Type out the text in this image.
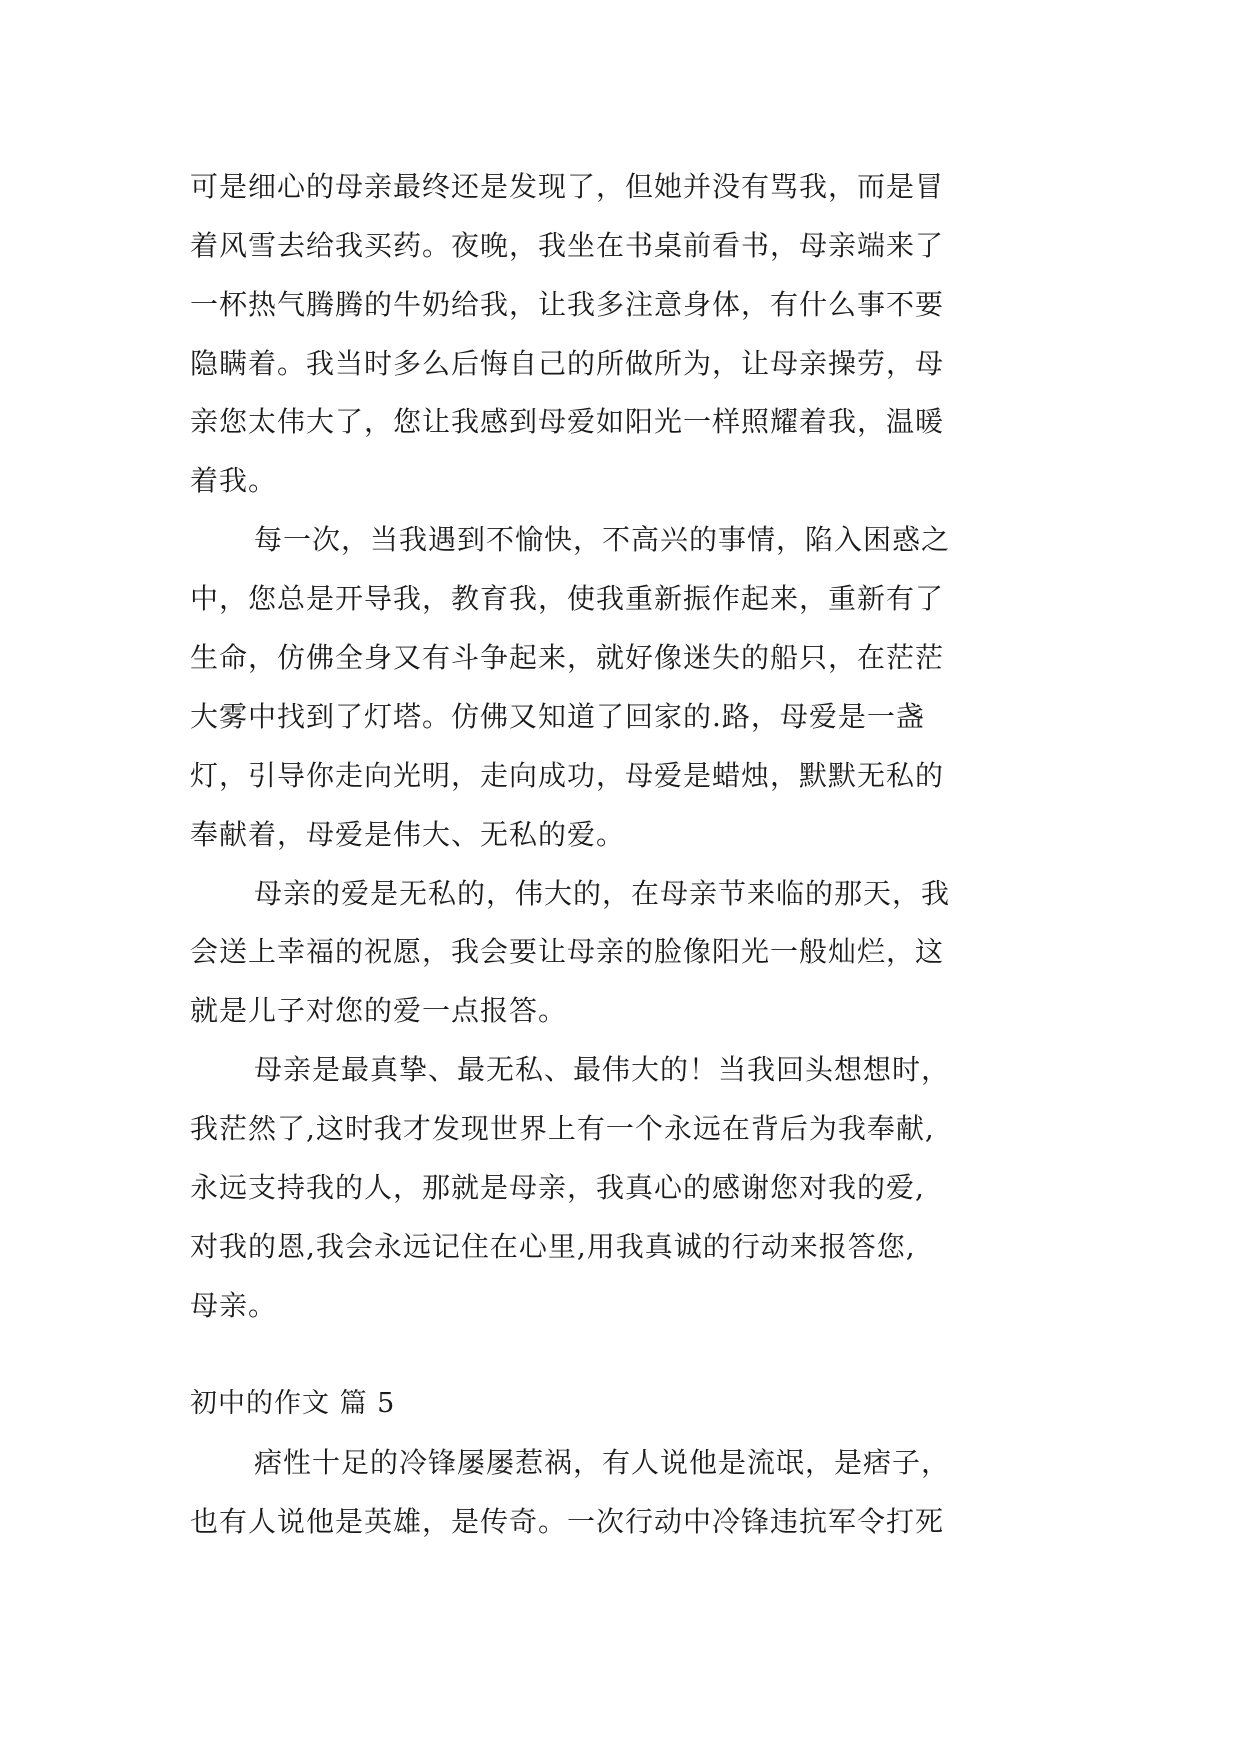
可是细心的母亲最终还是发现了，但她并没有骂我，而是冒
着风雪去给我买药。夜晚，我坐在书桌前看书，母亲端来了
一杯热气腾腾的牛奶给我，让我多注意身体，有什么事不要
隐瞒着。我当时多么后悔自己的所做所为，让母亲操劳，母
亲您太伟大了，您让我感到母爱如阳光一样照耀着我，温暖
着我。
每一次，当我遇到不愉快，不高兴的事情，陷入困惑之
中，您总是开导我，教育我，使我重新振作起来，重新有了
生命，仿佛全身又有斗争起来，就好像迷失的船只，在茫茫
大雾中找到了灯塔。仿佛又知道了回家的.路，母爱是一盏
灯，引导你走向光明，走向成功，母爱是蜡烛，默默无私的
奉献着，母爱是伟大、无私的爱。
母亲的爱是无私的，伟大的，在母亲节来临的那天，我
会送上幸福的祝愿，我会要让母亲的脸像阳光一般灿烂，这
就是儿子对您的爱一点报答。
母亲是最真挚、最无私、最伟大的！当我回头想想时，
我茫然了,这时我才发现世界上有一个永远在背后为我奉献,
永远支持我的人，那就是母亲，我真心的感谢您对我的爱,
对我的恩,我会永远记住在心里,用我真诚的行动来报答您,
母亲。
初中的作文 篇 5
痞性十足的冷锋屡屡惹祸，有人说他是流氓，是痞子，
也有人说他是英雄，是传奇。一次行动中冷锋违抗军令打死
